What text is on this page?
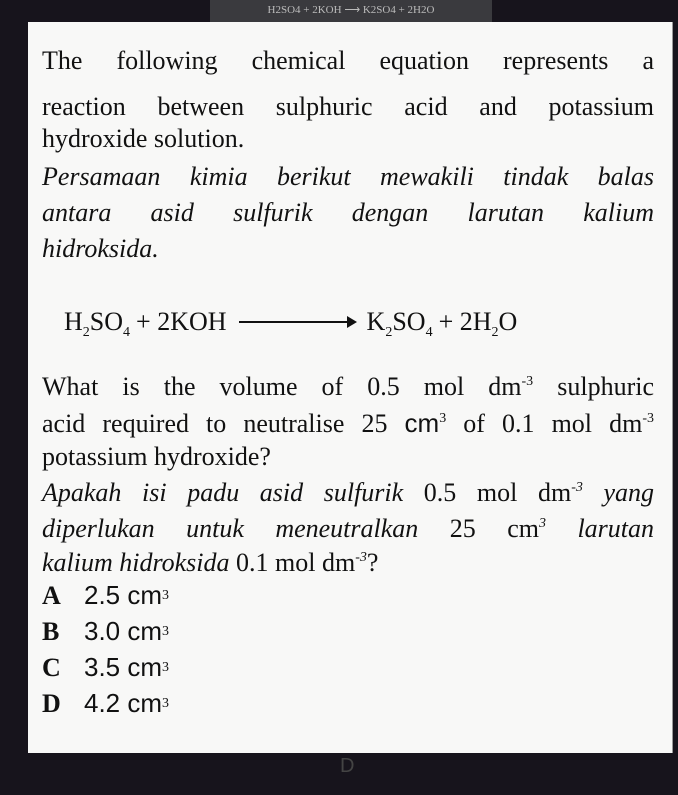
H2SO4 + 2KOH ⟶ K2SO4 + 2H2O
The following chemical equation represents a
reaction between sulphuric acid and potassium
hydroxide solution.
Persamaan kimia berikut mewakili tindak balas
antara asid sulfurik dengan larutan kalium
hidroksida.
$H_2SO_4 + 2KOH$	$K_2SO_4 + 2H_2O$
What is the volume of 0.5 mol $dm^{-3}$ sulphuric
acid required to neutralise 25 $cm^3$ of 0.1 mol $dm^{-3}$
potassium hydroxide?
Apakah isi padu asid sulfurik 0.5 mol $dm^{-3}$ yang
diperlukan untuk meneutralkan 25 $cm^3$ larutan
kalium hidroksida 0.1 mol $dm^{-3}$?
A 2.5 cm 3
B 3.0 cm 3
C 3.5 cm 3
D 4.2 cm 3
D
